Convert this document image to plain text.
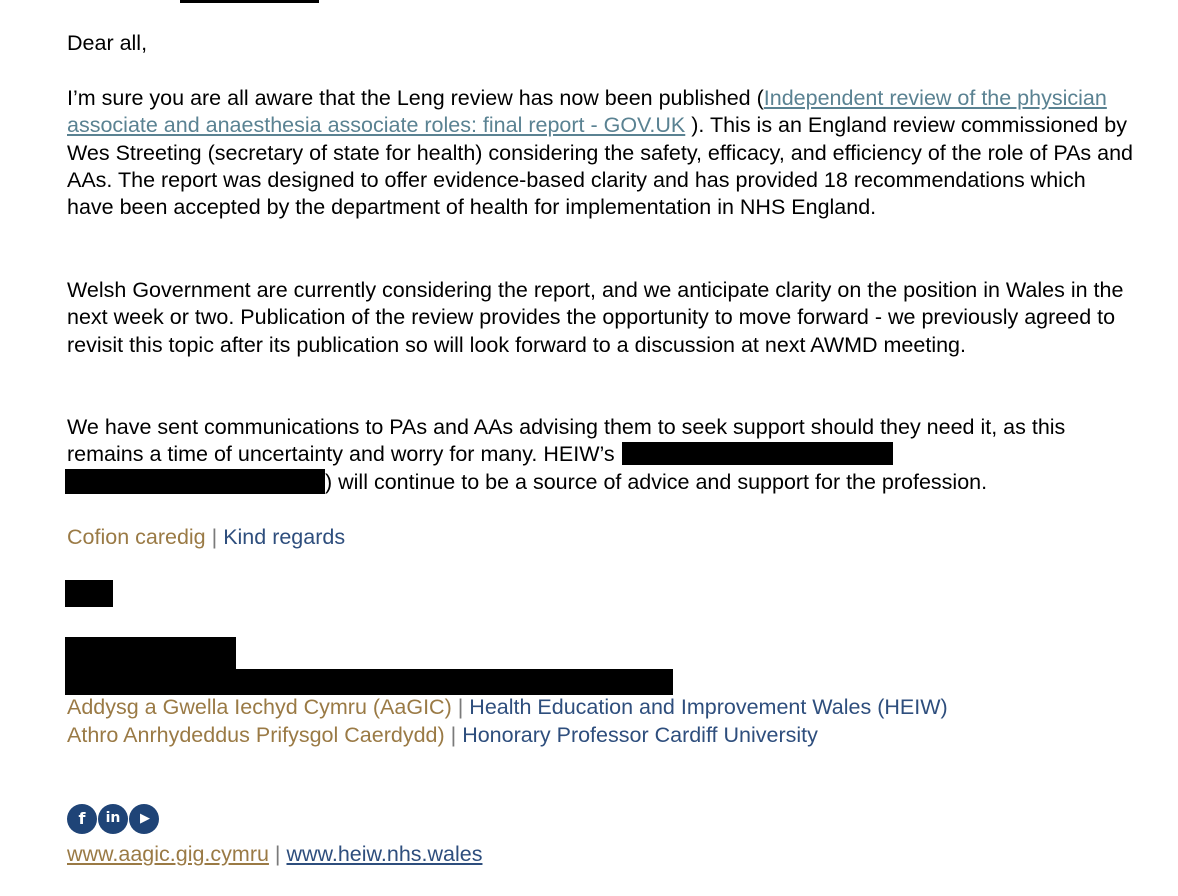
Dear all,

I’m sure you are all aware that the Leng review has now been published (Independent review of the physician associate and anaesthesia associate roles: final report - GOV.UK ). This is an England review commissioned by Wes Streeting (secretary of state for health) considering the safety, efficacy, and efficiency of the role of PAs and AAs. The report was designed to offer evidence-based clarity and has provided 18 recommendations which have been accepted by the department of health for implementation in NHS England.

Welsh Government are currently considering the report, and we anticipate clarity on the position in Wales in the next week or two. Publication of the review provides the opportunity to move forward - we previously agreed to revisit this topic after its publication so will look forward to a discussion at next AWMD meeting.

We have sent communications to PAs and AAs advising them to seek support should they need it, as this remains a time of uncertainty and worry for many. HEIW’s
) will continue to be a source of advice and support for the profession.

Cofion caredig | Kind regards

Addysg a Gwella Iechyd Cymru (AaGIC) | Health Education and Improvement Wales (HEIW)

Athro Anrhydeddus Prifysgol Caerdydd) | Honorary Professor Cardiff University

f	in	▶

www.aagic.gig.cymru | www.heiw.nhs.wales
